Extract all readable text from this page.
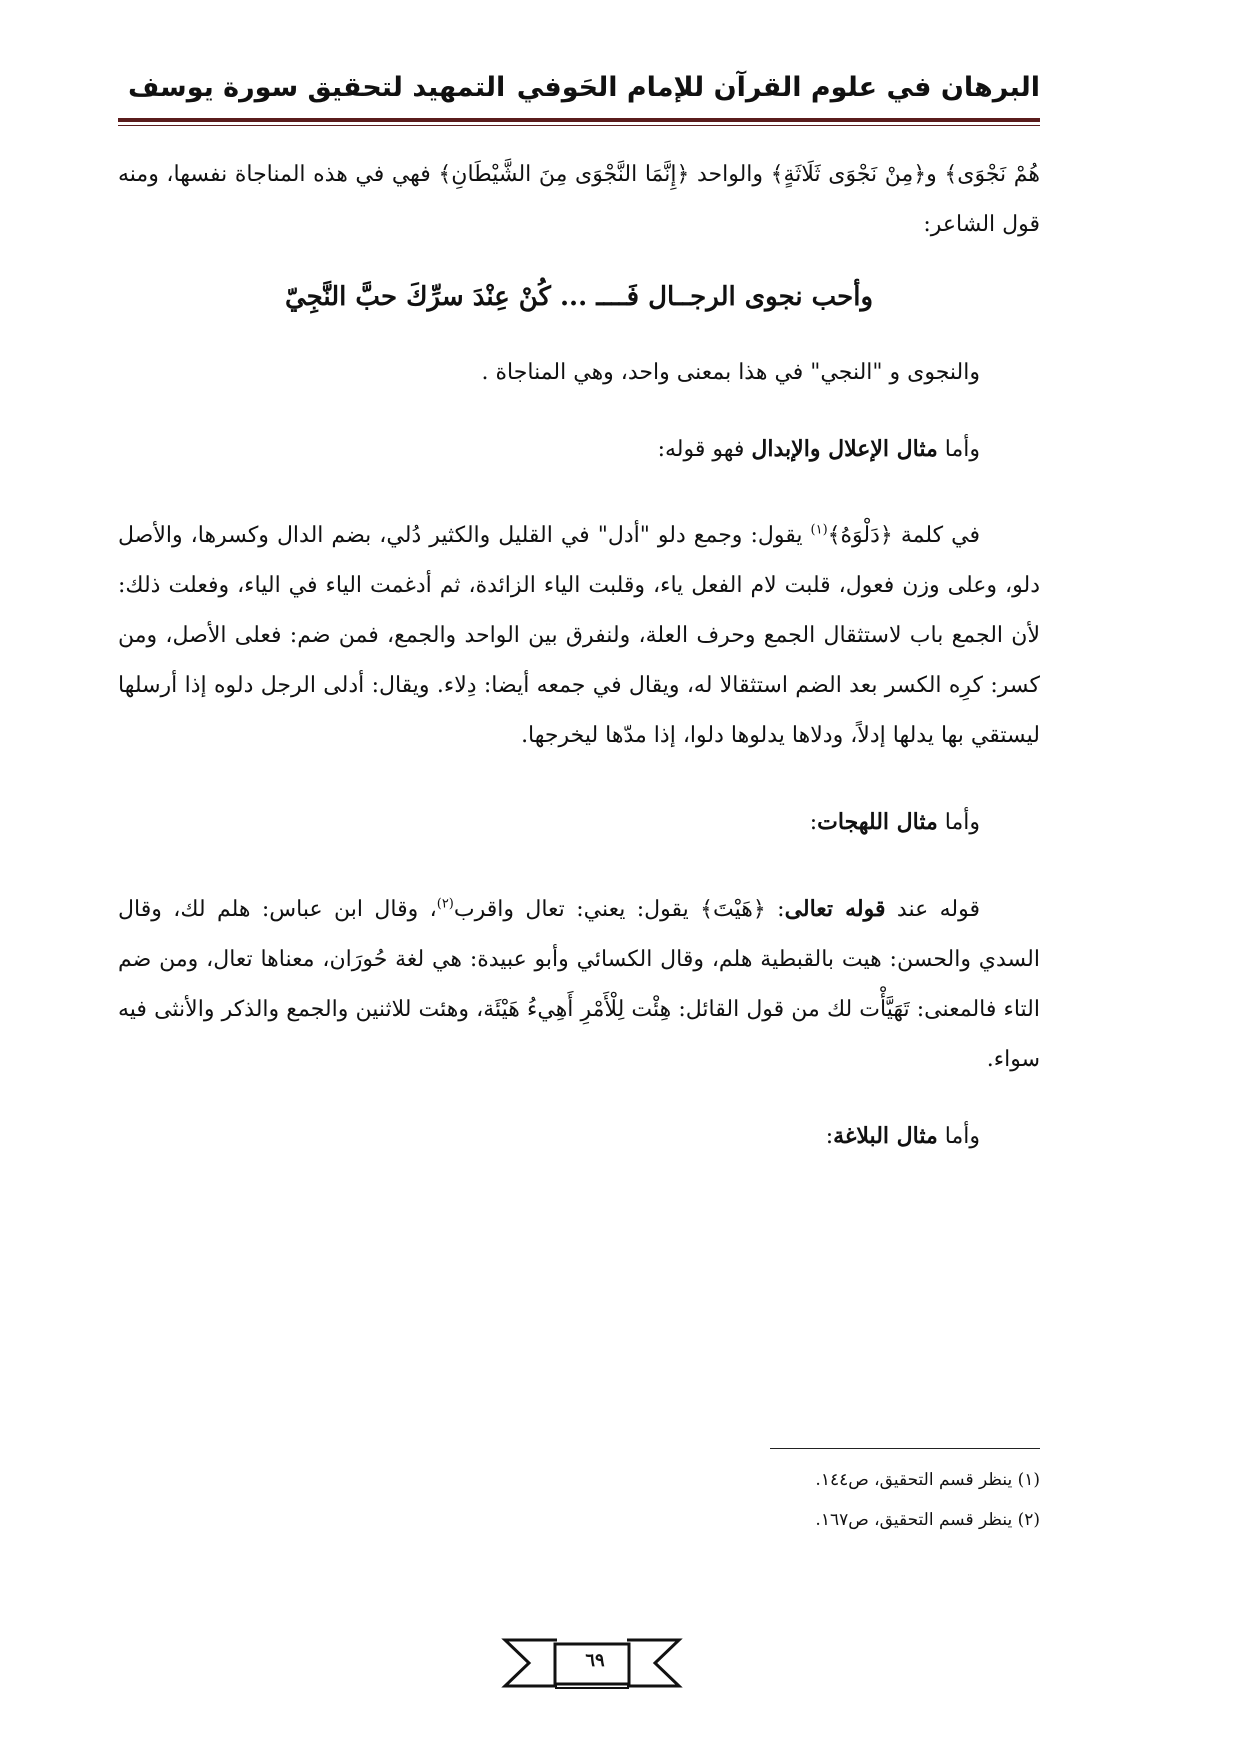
البرهان في علوم القرآن للإمام الحَوفي
التمهيد لتحقيق سورة يوسف

هُمْ نَجْوَى﴾ و﴿مِنْ نَجْوَى ثَلَاثَةٍ﴾ والواحد ﴿إِنَّمَا النَّجْوَى مِنَ الشَّيْطَانِ﴾ فهي في هذه المناجاة نفسها، ومنه قول الشاعر:

وأحب نجوى الرجــال فَــــ ... كُنْ عِنْدَ سرِّكَ حبَّ النَّجِيّ

والنجوى و "النجي" في هذا بمعنى واحد، وهي المناجاة .

وأما مثال الإعلال والإبدال فهو قوله:

في كلمة ﴿دَلْوَهُ﴾$^{(١)}$ يقول: وجمع دلو "أدل" في القليل والكثير دُلي، بضم الدال وكسرها، والأصل دلو، وعلى وزن فعول، قلبت لام الفعل ياء، وقلبت الياء الزائدة، ثم أدغمت الياء في الياء، وفعلت ذلك: لأن الجمع باب لاستثقال الجمع وحرف العلة، ولنفرق بين الواحد والجمع، فمن ضم: فعلى الأصل، ومن كسر: كرِه الكسر بعد الضم استثقالا له، ويقال في جمعه أيضا: دِلاء. ويقال: أدلى الرجل دلوه إذا أرسلها ليستقي بها يدلها إدلاً، ودلاها يدلوها دلوا، إذا مدّها ليخرجها.

وأما مثال اللهجات:

قوله عند قوله تعالى: ﴿هَيْتَ﴾ يقول: يعني: تعال واقرب$^{(٢)}$، وقال ابن عباس: هلم لك، وقال السدي والحسن: هيت بالقبطية هلم، وقال الكسائي وأبو عبيدة: هي لغة حُورَان، معناها تعال، ومن ضم التاء فالمعنى: تَهَيَّأْت لك من قول القائل: هِئْت لِلْأَمْرِ أَهِيءُ هَيْئَة، وهئت للاثنين والجمع والذكر والأنثى فيه سواء.

وأما مثال البلاغة:

(١) ينظر قسم التحقيق، ص١٤٤.
(٢) ينظر قسم التحقيق، ص١٦٧.
٦٩
